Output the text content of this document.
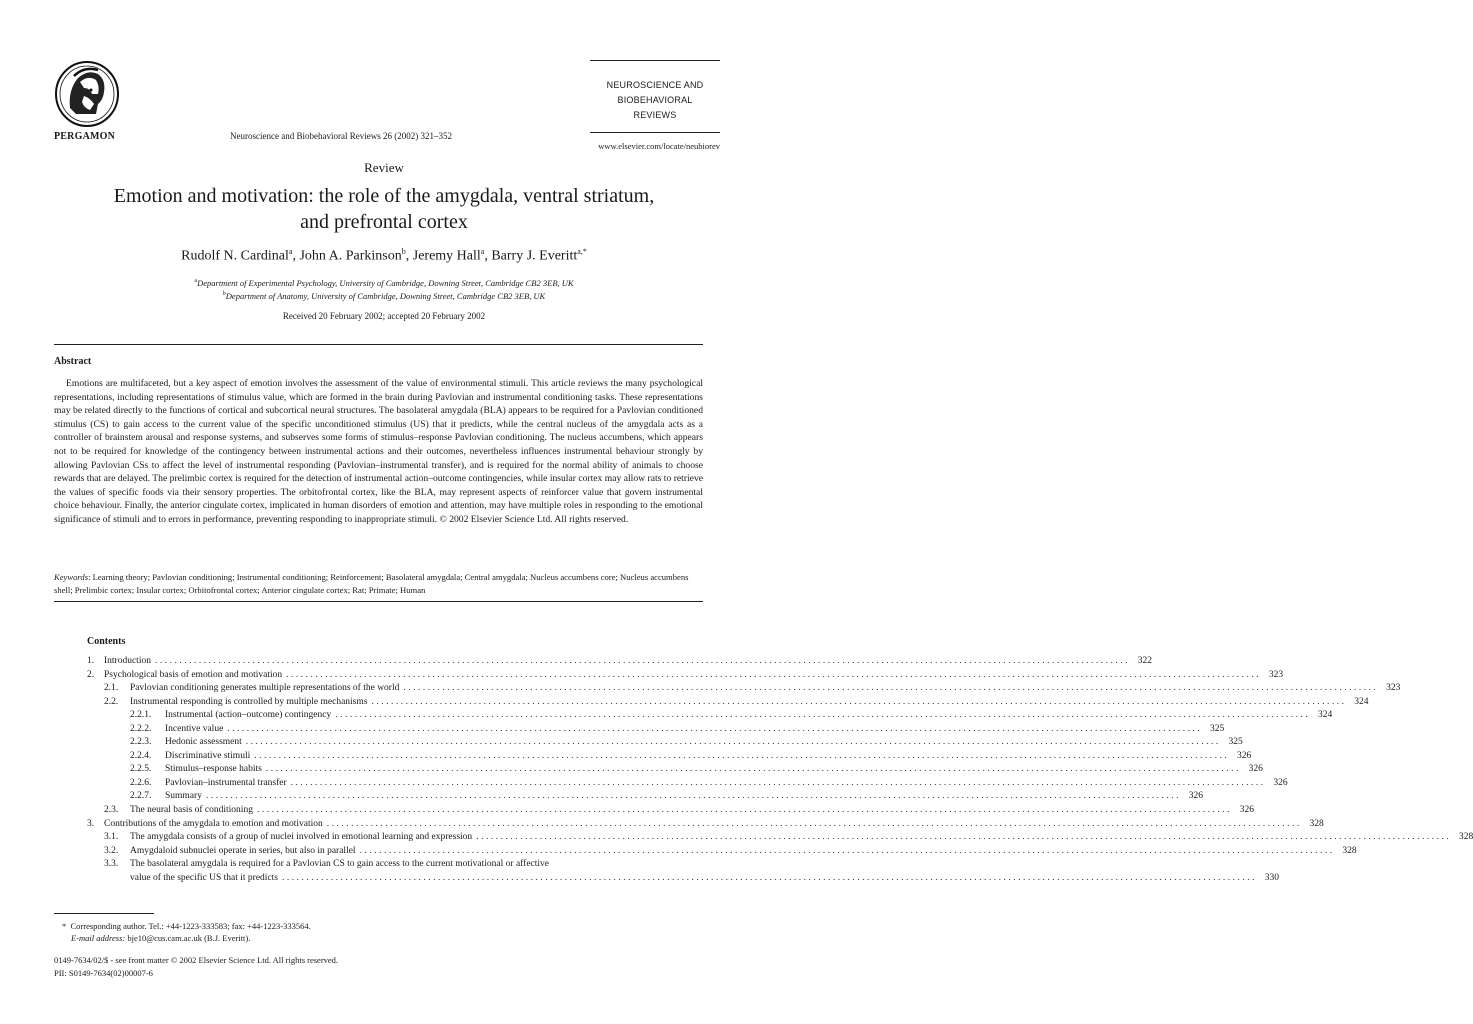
PERGAMON	Neuroscience and Biobehavioral Reviews 26 (2002) 321–352
NEUROSCIENCE AND
BIOBEHAVIORAL
REVIEWS
www.elsevier.com/locate/neubiorev
Review
Emotion and motivation: the role of the amygdala, ventral striatum,
and prefrontal cortex
Rudolf N. Cardinal$^a$, John A. Parkinson$^b$, Jeremy Hall$^a$, Barry J. Everitt$^{a,*}$
$^a$Department of Experimental Psychology, University of Cambridge, Downing Street, Cambridge CB2 3EB, UK
$^b$Department of Anatomy, University of Cambridge, Downing Street, Cambridge CB2 3EB, UK
Received 20 February 2002; accepted 20 February 2002
Abstract

Emotions are multifaceted, but a key aspect of emotion involves the assessment of the value of environmental stimuli. This article reviews the many psychological representations, including representations of stimulus value, which are formed in the brain during Pavlovian and instrumental conditioning tasks. These representations may be related directly to the functions of cortical and subcortical neural structures. The basolateral amygdala (BLA) appears to be required for a Pavlovian conditioned stimulus (CS) to gain access to the current value of the specific unconditioned stimulus (US) that it predicts, while the central nucleus of the amygdala acts as a controller of brainstem arousal and response systems, and subserves some forms of stimulus–response Pavlovian conditioning. The nucleus accumbens, which appears not to be required for knowledge of the contingency between instrumental actions and their outcomes, nevertheless influences instrumental behaviour strongly by allowing Pavlovian CSs to affect the level of instrumental responding (Pavlovian–instrumental transfer), and is required for the normal ability of animals to choose rewards that are delayed. The prelimbic cortex is required for the detection of instrumental action–outcome contingencies, while insular cortex may allow rats to retrieve the values of specific foods via their sensory properties. The orbitofrontal cortex, like the BLA, may represent aspects of reinforcer value that govern instrumental choice behaviour. Finally, the anterior cingulate cortex, implicated in human disorders of emotion and attention, may have multiple roles in responding to the emotional significance of stimuli and to errors in performance, preventing responding to inappropriate stimuli. © 2002 Elsevier Science Ltd. All rights reserved.

Keywords: Learning theory; Pavlovian conditioning; Instrumental conditioning; Reinforcement; Basolateral amygdala; Central amygdala; Nucleus accumbens core; Nucleus accumbens shell; Prelimbic cortex; Insular cortex; Orbitofrontal cortex; Anterior cingulate cortex; Rat; Primate; Human

Contents
1.	Introduction ........................................................................................................................................................................................................ 322
2.	Psychological basis of emotion and motivation ........................................................................................................................................................................................................ 323
2.1.	Pavlovian conditioning generates multiple representations of the world ........................................................................................................................................................................................................ 323
2.2.	Instrumental responding is controlled by multiple mechanisms ........................................................................................................................................................................................................ 324
2.2.1.	Instrumental (action–outcome) contingency ........................................................................................................................................................................................................ 324
2.2.2.	Incentive value ........................................................................................................................................................................................................ 325
2.2.3.	Hedonic assessment ........................................................................................................................................................................................................ 325
2.2.4.	Discriminative stimuli ........................................................................................................................................................................................................ 326
2.2.5.	Stimulus–response habits ........................................................................................................................................................................................................ 326
2.2.6.	Pavlovian–instrumental transfer ........................................................................................................................................................................................................ 326
2.2.7.	Summary ........................................................................................................................................................................................................ 326
2.3.	The neural basis of conditioning ........................................................................................................................................................................................................ 326
3.	Contributions of the amygdala to emotion and motivation ........................................................................................................................................................................................................ 328
3.1.	The amygdala consists of a group of nuclei involved in emotional learning and expression ........................................................................................................................................................................................................ 328
3.2.	Amygdaloid subnuclei operate in series, but also in parallel ........................................................................................................................................................................................................ 328
3.3.	The basolateral amygdala is required for a Pavlovian CS to gain access to the current motivational or affective
value of the specific US that it predicts ........................................................................................................................................................................................................ 330
* Corresponding author. Tel.: +44-1223-333583; fax: +44-1223-333564.
E-mail address: bje10@cus.cam.ac.uk (B.J. Everitt).
0149-7634/02/$ - see front matter © 2002 Elsevier Science Ltd. All rights reserved.
PII: S0149-7634(02)00007-6
